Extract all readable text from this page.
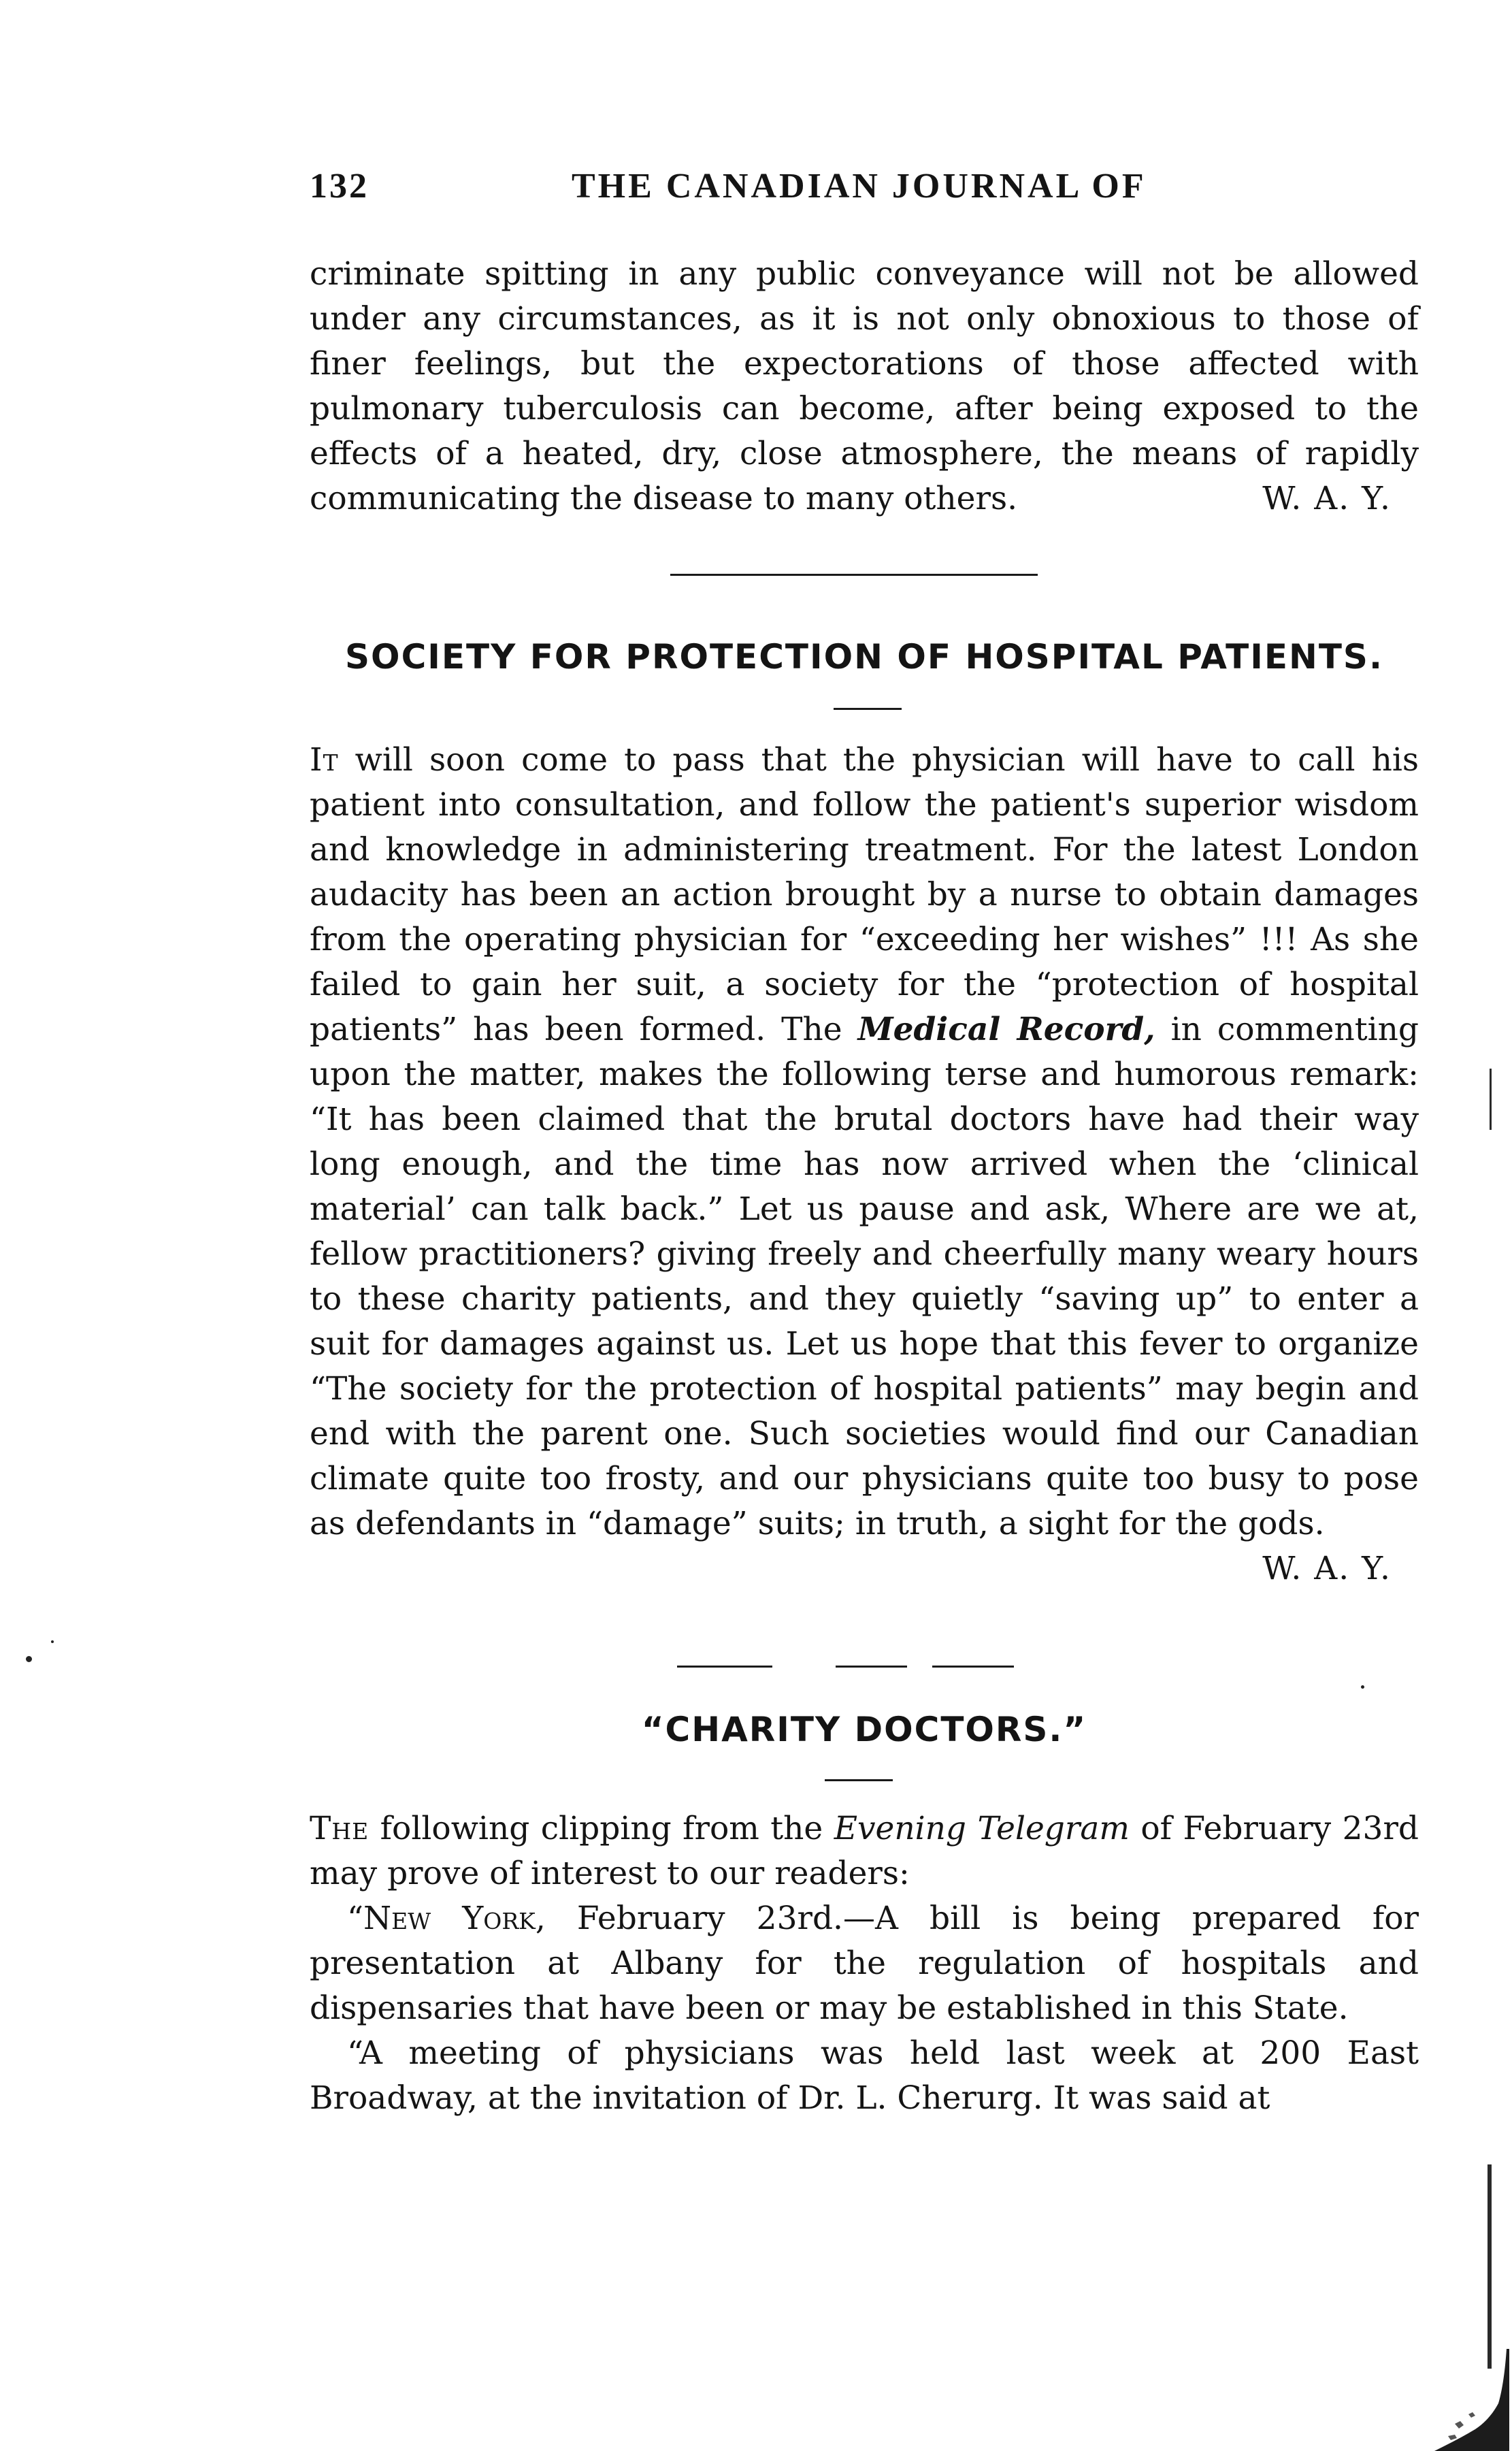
132	THE CANADIAN JOURNAL OF

criminate spitting in any public conveyance will not be allowed under any circumstances, as it is not only obnoxious to those of finer feelings, but the expectorations of those affected with pulmonary tuberculosis can become, after being exposed to the effects of a heated, dry, close atmosphere, the means of rapidly communicating the disease to many others.	W. A. Y.

SOCIETY FOR PROTECTION OF HOSPITAL PATIENTS.

It will soon come to pass that the physician will have to call his patient into consultation, and follow the patient's superior wisdom and knowledge in administering treatment. For the latest London audacity has been an action brought by a nurse to obtain damages from the operating physician for “exceeding her wishes” !!! As she failed to gain her suit, a society for the “protection of hospital patients” has been formed. The Medical Record, in commenting upon the matter, makes the following terse and humorous remark: “It has been claimed that the brutal doctors have had their way long enough, and the time has now arrived when the ‘clinical material’ can talk back.” Let us pause and ask, Where are we at, fellow practitioners? giving freely and cheerfully many weary hours to these charity patients, and they quietly “saving up” to enter a suit for damages against us. Let us hope that this fever to organize “The society for the protection of hospital patients” may begin and end with the parent one. Such societies would find our Canadian climate quite too frosty, and our physicians quite too busy to pose as defendants in “damage” suits; in truth, a sight for the gods.
W. A. Y.

“CHARITY DOCTORS.”

The following clipping from the Evening Telegram of February 23rd may prove of interest to our readers:

“New York, February 23rd.—A bill is being prepared for presentation at Albany for the regulation of hospitals and dispensaries that have been or may be established in this State.

“A meeting of physicians was held last week at 200 East Broadway, at the invitation of Dr. L. Cherurg. It was said at
